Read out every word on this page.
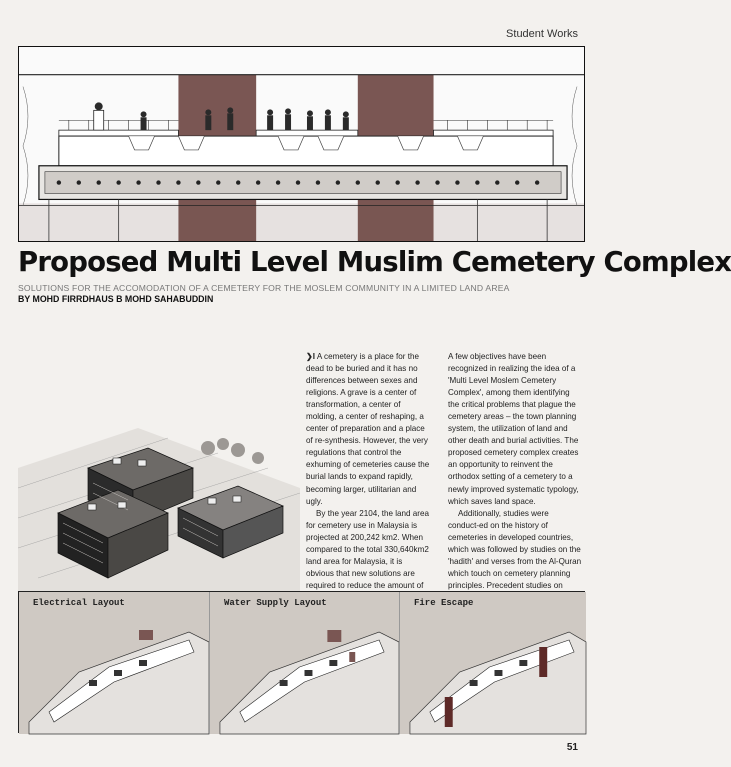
Student Works
Proposed Multi Level Muslim Cemetery Complex
SOLUTIONS FOR THE ACCOMODATION OF A CEMETERY FOR THE MOSLEM COMMUNITY IN A LIMITED LAND AREA
BY MOHD FIRRDHAUS B MOHD SAHABUDDIN

❯I A cemetery is a place for the dead to be buried and it has no differences between sexes and religions. A grave is a center of transformation, a center of molding, a center of reshaping, a center of preparation and a place of re-synthesis. However, the very regulations that control the exhuming of cemeteries cause the burial lands to expand rapidly, becoming larger, utilitarian and ugly.

By the year 2104, the land area for cemetery use in Malaysia is projected at 200,242 km2. When compared to the total 330,640km2 land area for Malaysia, it is obvious that new solutions are required to reduce the amount of

A few objectives have been recognized in realizing the idea of a 'Multi Level Moslem Cemetery Complex', among them identifying the critical problems that plague the cemetery areas – the town planning system, the utilization of land and other death and burial activities. The proposed cemetery complex creates an opportunity to reinvent the orthodox setting of a cemetery to a newly improved systematic typology, which saves land space.

Additionally, studies were conduct-ed on the history of cemeteries in developed countries, which was followed by studies on the 'hadith' and verses from the Al-Quran which touch on cemetery planning principles. Precedent studies on

Electrical Layout	Water Supply Layout	Fire Escape
51
